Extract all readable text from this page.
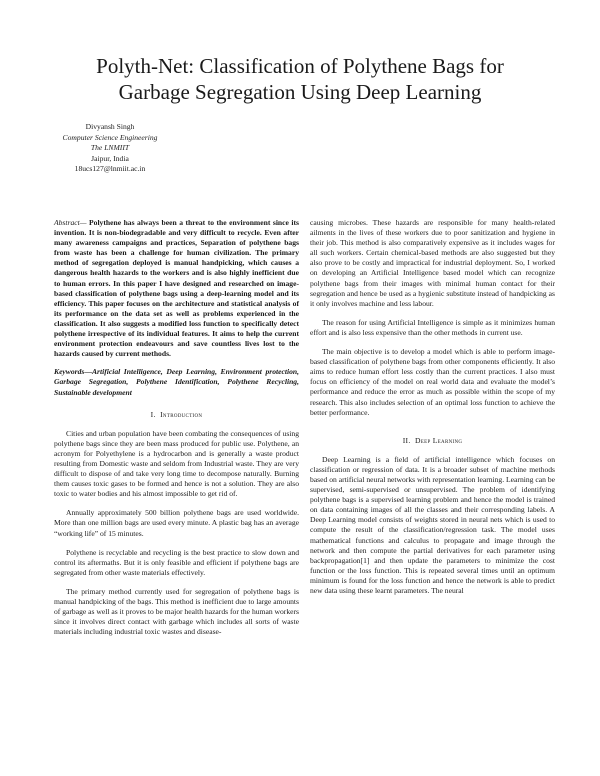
Polyth-Net: Classification of Polythene Bags for
Garbage Segregation Using Deep Learning
Divyansh Singh
Computer Science Engineering
The LNMIIT
Jaipur, India
18ucs127@lnmiit.ac.in

Abstract— Polythene has always been a threat to the environment since its invention. It is non-biodegradable and very difficult to recycle. Even after many awareness campaigns and practices, Separation of polythene bags from waste has been a challenge for human civilization. The primary method of segregation deployed is manual handpicking, which causes a dangerous health hazards to the workers and is also highly inefficient due to human errors. In this paper I have designed and researched on image-based classification of polythene bags using a deep-learning model and its efficiency. This paper focuses on the architecture and statistical analysis of its performance on the data set as well as problems experienced in the classification. It also suggests a modified loss function to specifically detect polythene irrespective of its individual features. It aims to help the current environment protection endeavours and save countless lives lost to the hazards caused by current methods.

Keywords—Artificial Intelligence, Deep Learning, Environment protection, Garbage Segregation, Polythene Identification, Polythene Recycling, Sustainable development

I. Introduction

Cities and urban population have been combating the consequences of using polythene bags since they are been mass produced for public use. Polythene, an acronym for Polyethylene is a hydrocarbon and is generally a waste product resulting from Domestic waste and seldom from Industrial waste. They are very difficult to dispose of and take very long time to decompose naturally. Burning them causes toxic gases to be formed and hence is not a solution. They are also toxic to water bodies and his almost impossible to get rid of.

Annually approximately 500 billion polythene bags are used worldwide. More than one million bags are used every minute. A plastic bag has an average “working life” of 15 minutes.

Polythene is recyclable and recycling is the best practice to slow down and control its aftermaths. But it is only feasible and efficient if polythene bags are segregated from other waste materials effectively.

The primary method currently used for segregation of polythene bags is manual handpicking of the bags. This method is inefficient due to large amounts of garbage as well as it proves to be major health hazards for the human workers since it involves direct contact with garbage which includes all sorts of waste materials including industrial toxic wastes and disease-

causing microbes. These hazards are responsible for many health-related ailments in the lives of these workers due to poor sanitization and hygiene in their job. This method is also comparatively expensive as it includes wages for all such workers. Certain chemical-based methods are also suggested but they also prove to be costly and impractical for industrial deployment. So, I worked on developing an Artificial Intelligence based model which can recognize polythene bags from their images with minimal human contact for their segregation and hence be used as a hygienic substitute instead of handpicking as it only involves machine and less labour.

The reason for using Artificial Intelligence is simple as it minimizes human effort and is also less expensive than the other methods in current use.

The main objective is to develop a model which is able to perform image-based classification of polythene bags from other components efficiently. It also aims to reduce human effort less costly than the current practices. I also must focus on efficiency of the model on real world data and evaluate the model’s performance and reduce the error as much as possible within the scope of my research. This also includes selection of an optimal loss function to achieve the better performance.

II. Deep Learning

Deep Learning is a field of artificial intelligence which focuses on classification or regression of data. It is a broader subset of machine methods based on artificial neural networks with representation learning. Learning can be supervised, semi-supervised or unsupervised. The problem of identifying polythene bags is a supervised learning problem and hence the model is trained on data containing images of all the classes and their corresponding labels. A Deep Learning model consists of weights stored in neural nets which is used to compute the result of the classification/regression task. The model uses mathematical functions and calculus to propagate and image through the network and then compute the partial derivatives for each parameter using backpropagation[1] and then update the parameters to minimize the cost function or the loss function. This is repeated several times until an optimum minimum is found for the loss function and hence the network is able to predict new data using these learnt parameters. The neural
